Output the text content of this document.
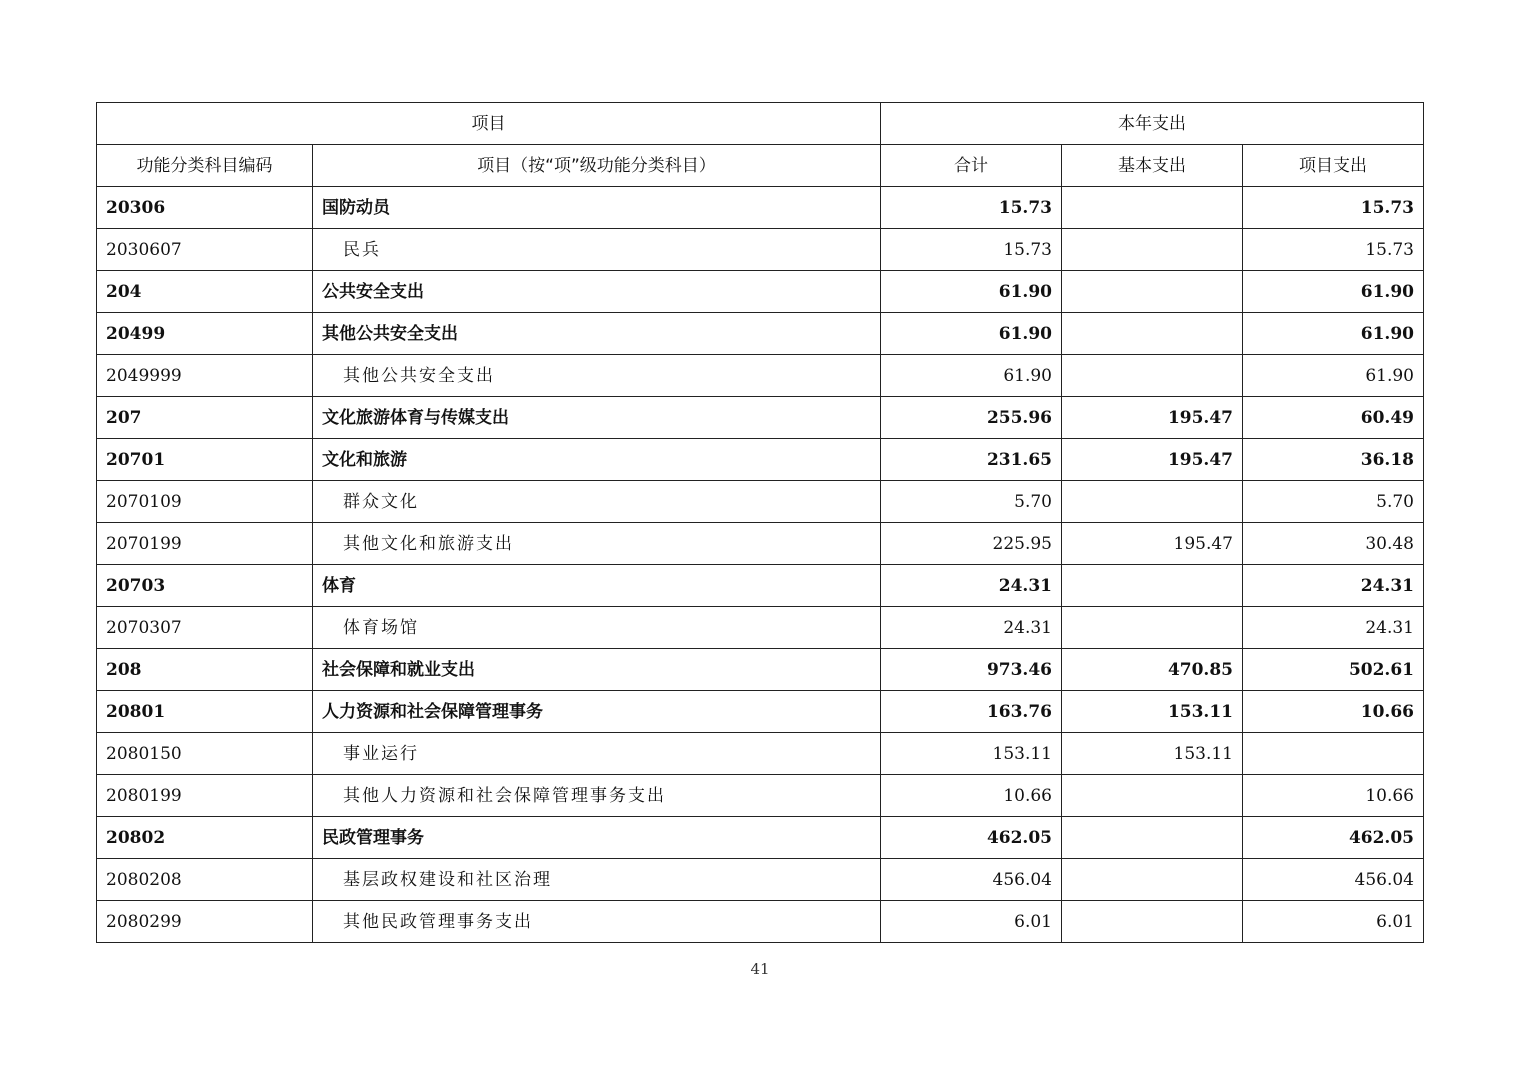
项目		本年支出		
功能分类科目编码	项目（按“项”级功能分类科目）	合计	基本支出	项目支出
20306	国防动员	15.73		15.73
2030607	民兵	15.73		15.73
204	公共安全支出	61.90		61.90
20499	其他公共安全支出	61.90		61.90
2049999	其他公共安全支出	61.90		61.90
207	文化旅游体育与传媒支出	255.96	195.47	60.49
20701	文化和旅游	231.65	195.47	36.18
2070109	群众文化	5.70		5.70
2070199	其他文化和旅游支出	225.95	195.47	30.48
20703	体育	24.31		24.31
2070307	体育场馆	24.31		24.31
208	社会保障和就业支出	973.46	470.85	502.61
20801	人力资源和社会保障管理事务	163.76	153.11	10.66
2080150	事业运行	153.11	153.11	
2080199	其他人力资源和社会保障管理事务支出	10.66		10.66
20802	民政管理事务	462.05		462.05
2080208	基层政权建设和社区治理	456.04		456.04
2080299	其他民政管理事务支出	6.01		6.01
41
